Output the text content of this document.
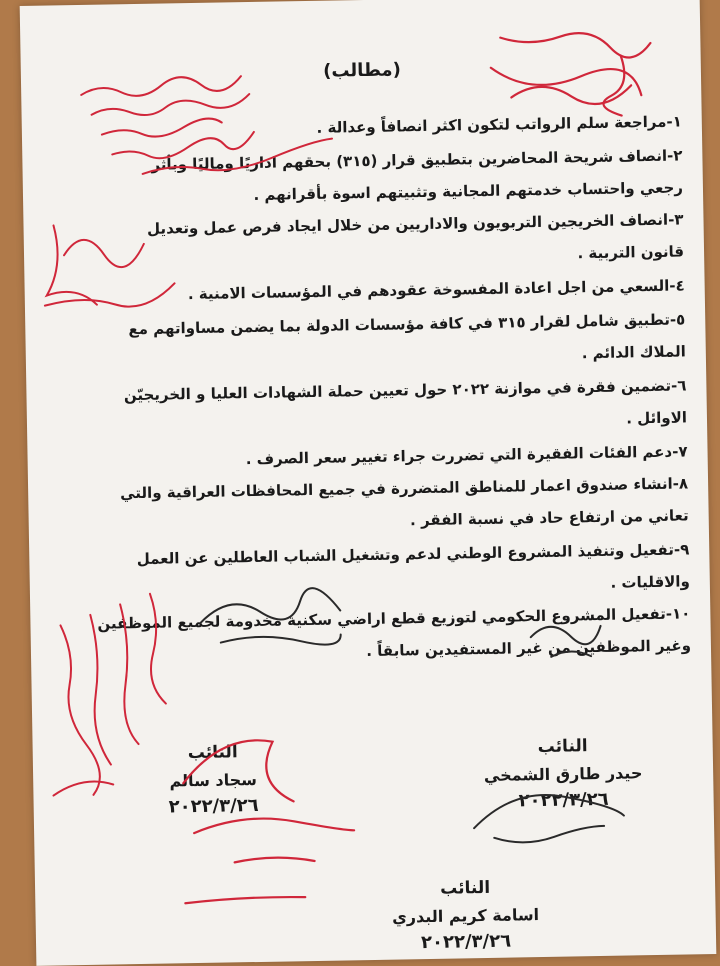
(مطالب)
١-مراجعة سلم الرواتب لتكون اكثر انصافاً وعدالة .
٢-انصاف شريحة المحاضرين بتطبيق قرار (٣١٥) بحقهم اداريًا وماليًا وبأثر
رجعي واحتساب خدمتهم المجانية وتثبيتهم اسوة بأقرانهم .
٣-انصاف الخريجين التربويون والاداريين من خلال ايجاد فرص عمل وتعديل
قانون التربية .
٤-السعي من اجل اعادة المفسوخة عقودهم في المؤسسات الامنية .
٥-تطبيق شامل لقرار ٣١٥ في كافة مؤسسات الدولة بما يضمن مساواتهم مع
الملاك الدائم .
٦-تضمين فقرة في موازنة ٢٠٢٢ حول تعيين حملة الشهادات العليا و الخريجيّن
الاوائل .
٧-دعم الفئات الفقيرة التي تضررت جراء تغيير سعر الصرف .
٨-انشاء صندوق اعمار للمناطق المتضررة في جميع المحافظات العراقية والتي
تعاني من ارتفاع حاد في نسبة الفقر .
٩-تفعيل وتنفيذ المشروع الوطني لدعم وتشغيل الشباب العاطلين عن العمل
والاقليات .
١٠-تفعيل المشروع الحكومي لتوزيع قطع اراضي سكنية مخدومة لجميع الموظفين
وغير الموظفين من غير المستفيدين سابقاً .
النائب
حيدر طارق الشمخي
٢٠٢٢/٣/٢٦
النائب
سجاد سالم
٢٠٢٢/٣/٢٦
النائب
اسامة كريم البدري
٢٠٢٢/٣/٢٦
